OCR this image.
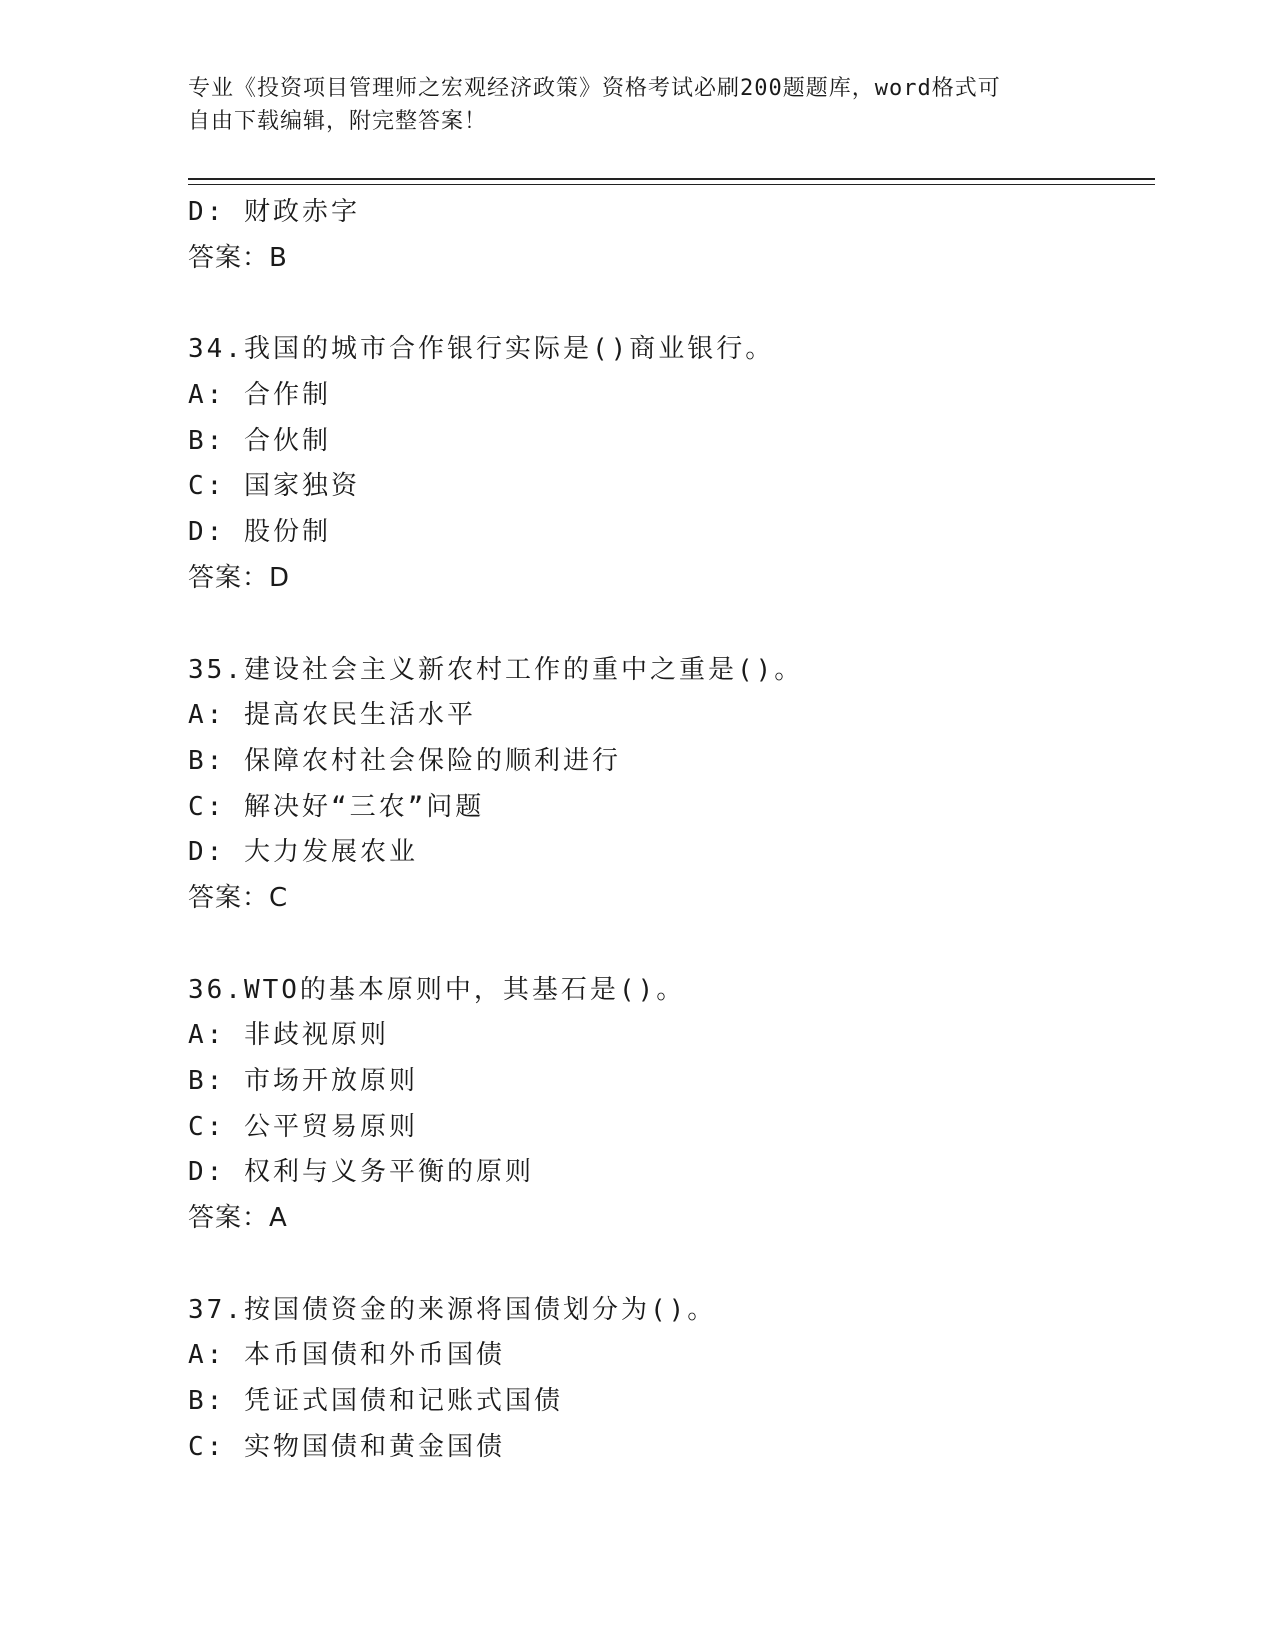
专业《投资项目管理师之宏观经济政策》资格考试必刷200题题库，word格式可
自由下载编辑，附完整答案！
D: 财政赤字
答案：B
34.我国的城市合作银行实际是()商业银行。
A: 合作制
B: 合伙制
C: 国家独资
D: 股份制
答案：D
35.建设社会主义新农村工作的重中之重是()。
A: 提高农民生活水平
B: 保障农村社会保险的顺利进行
C: 解决好“三农”问题
D: 大力发展农业
答案：C
36.WTO的基本原则中，其基石是()。
A: 非歧视原则
B: 市场开放原则
C: 公平贸易原则
D: 权利与义务平衡的原则
答案：A
37.按国债资金的来源将国债划分为()。
A: 本币国债和外币国债
B: 凭证式国债和记账式国债
C: 实物国债和黄金国债
